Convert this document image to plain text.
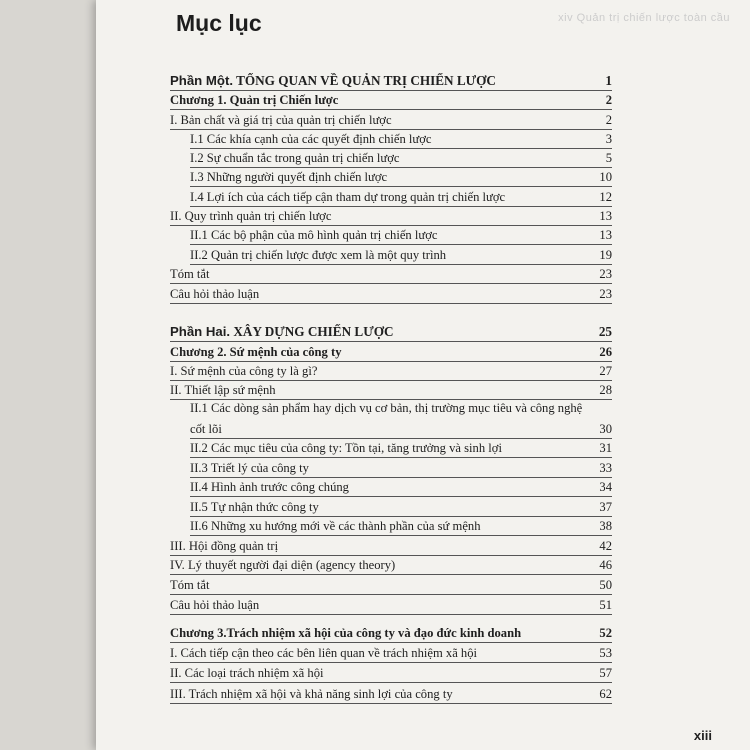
xiv Quản trị chiến lược toàn cầu
Mục lục
Phần Một. TỔNG QUAN VỀ QUẢN TRỊ CHIẾN LƯỢC	1
Chương 1. Quản trị Chiến lược	2
I. Bản chất và giá trị của quản trị chiến lược	2
I.1 Các khía cạnh của các quyết định chiến lược	3
I.2 Sự chuẩn tắc trong quản trị chiến lược	5
I.3 Những người quyết định chiến lược	10
I.4 Lợi ích của cách tiếp cận tham dự trong quản trị chiến lược	12
II. Quy trình quản trị chiến lược	13
II.1 Các bộ phận của mô hình quản trị chiến lược	13
II.2 Quản trị chiến lược được xem là một quy trình	19
Tóm tắt	23
Câu hỏi thảo luận	23
Phần Hai. XÂY DỰNG CHIẾN LƯỢC	25
Chương 2. Sứ mệnh của công ty	26
I. Sứ mệnh của công ty là gì?	27
II. Thiết lập sứ mệnh	28
II.1 Các dòng sản phẩm hay dịch vụ cơ bản, thị trường mục tiêu và công nghệ
cốt lõi	30
II.2 Các mục tiêu của công ty: Tồn tại, tăng trưởng và sinh lợi	31
II.3 Triết lý của công ty	33
II.4 Hình ảnh trước công chúng	34
II.5 Tự nhận thức công ty	37
II.6 Những xu hướng mới về các thành phần của sứ mệnh	38
III. Hội đồng quản trị	42
IV. Lý thuyết người đại diện (agency theory)	46
Tóm tắt	50
Câu hỏi thảo luận	51
Chương 3.Trách nhiệm xã hội của công ty và đạo đức kinh doanh	52
I. Cách tiếp cận theo các bên liên quan về trách nhiệm xã hội	53
II. Các loại trách nhiệm xã hội	57
III. Trách nhiệm xã hội và khả năng sinh lợi của công ty	62
xiii
